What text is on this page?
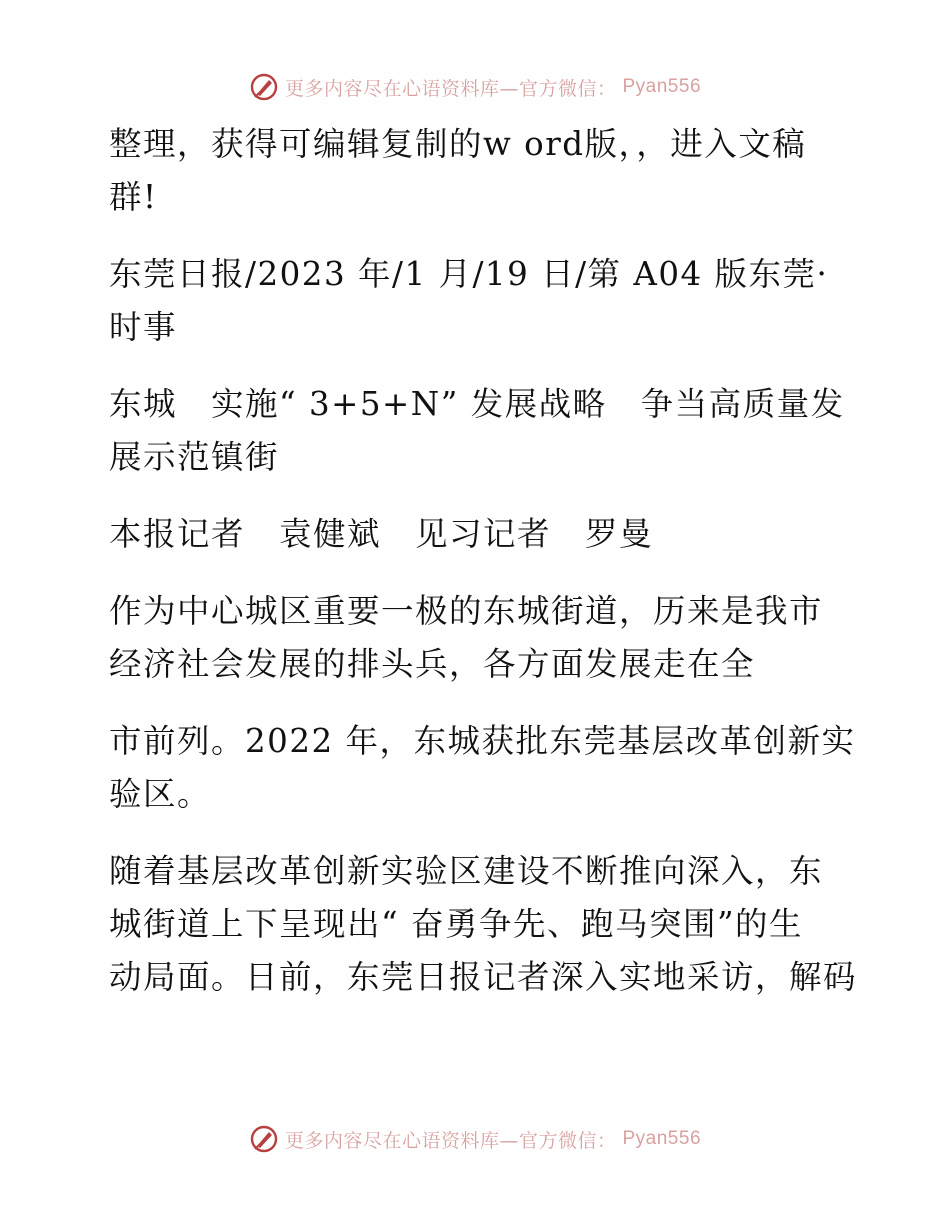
更多内容尽在心语资料库—官方微信： Pyan556

整理，获得可编辑复制的w ord版，，进入文稿
群!

东莞日报/2023 年/1 月/19 日/第 A04 版东莞·
时事

东城　实施“ 3+5+N” 发展战略　争当高质量发
展示范镇街

本报记者　袁健斌　见习记者　罗曼

作为中心城区重要一极的东城街道，历来是我市
经济社会发展的排头兵，各方面发展走在全

市前列。2022 年，东城获批东莞基层改革创新实
验区。

随着基层改革创新实验区建设不断推向深入，东
城街道上下呈现出“ 奋勇争先、跑马突围”的生
动局面。日前，东莞日报记者深入实地采访，解码

更多内容尽在心语资料库—官方微信： Pyan556
